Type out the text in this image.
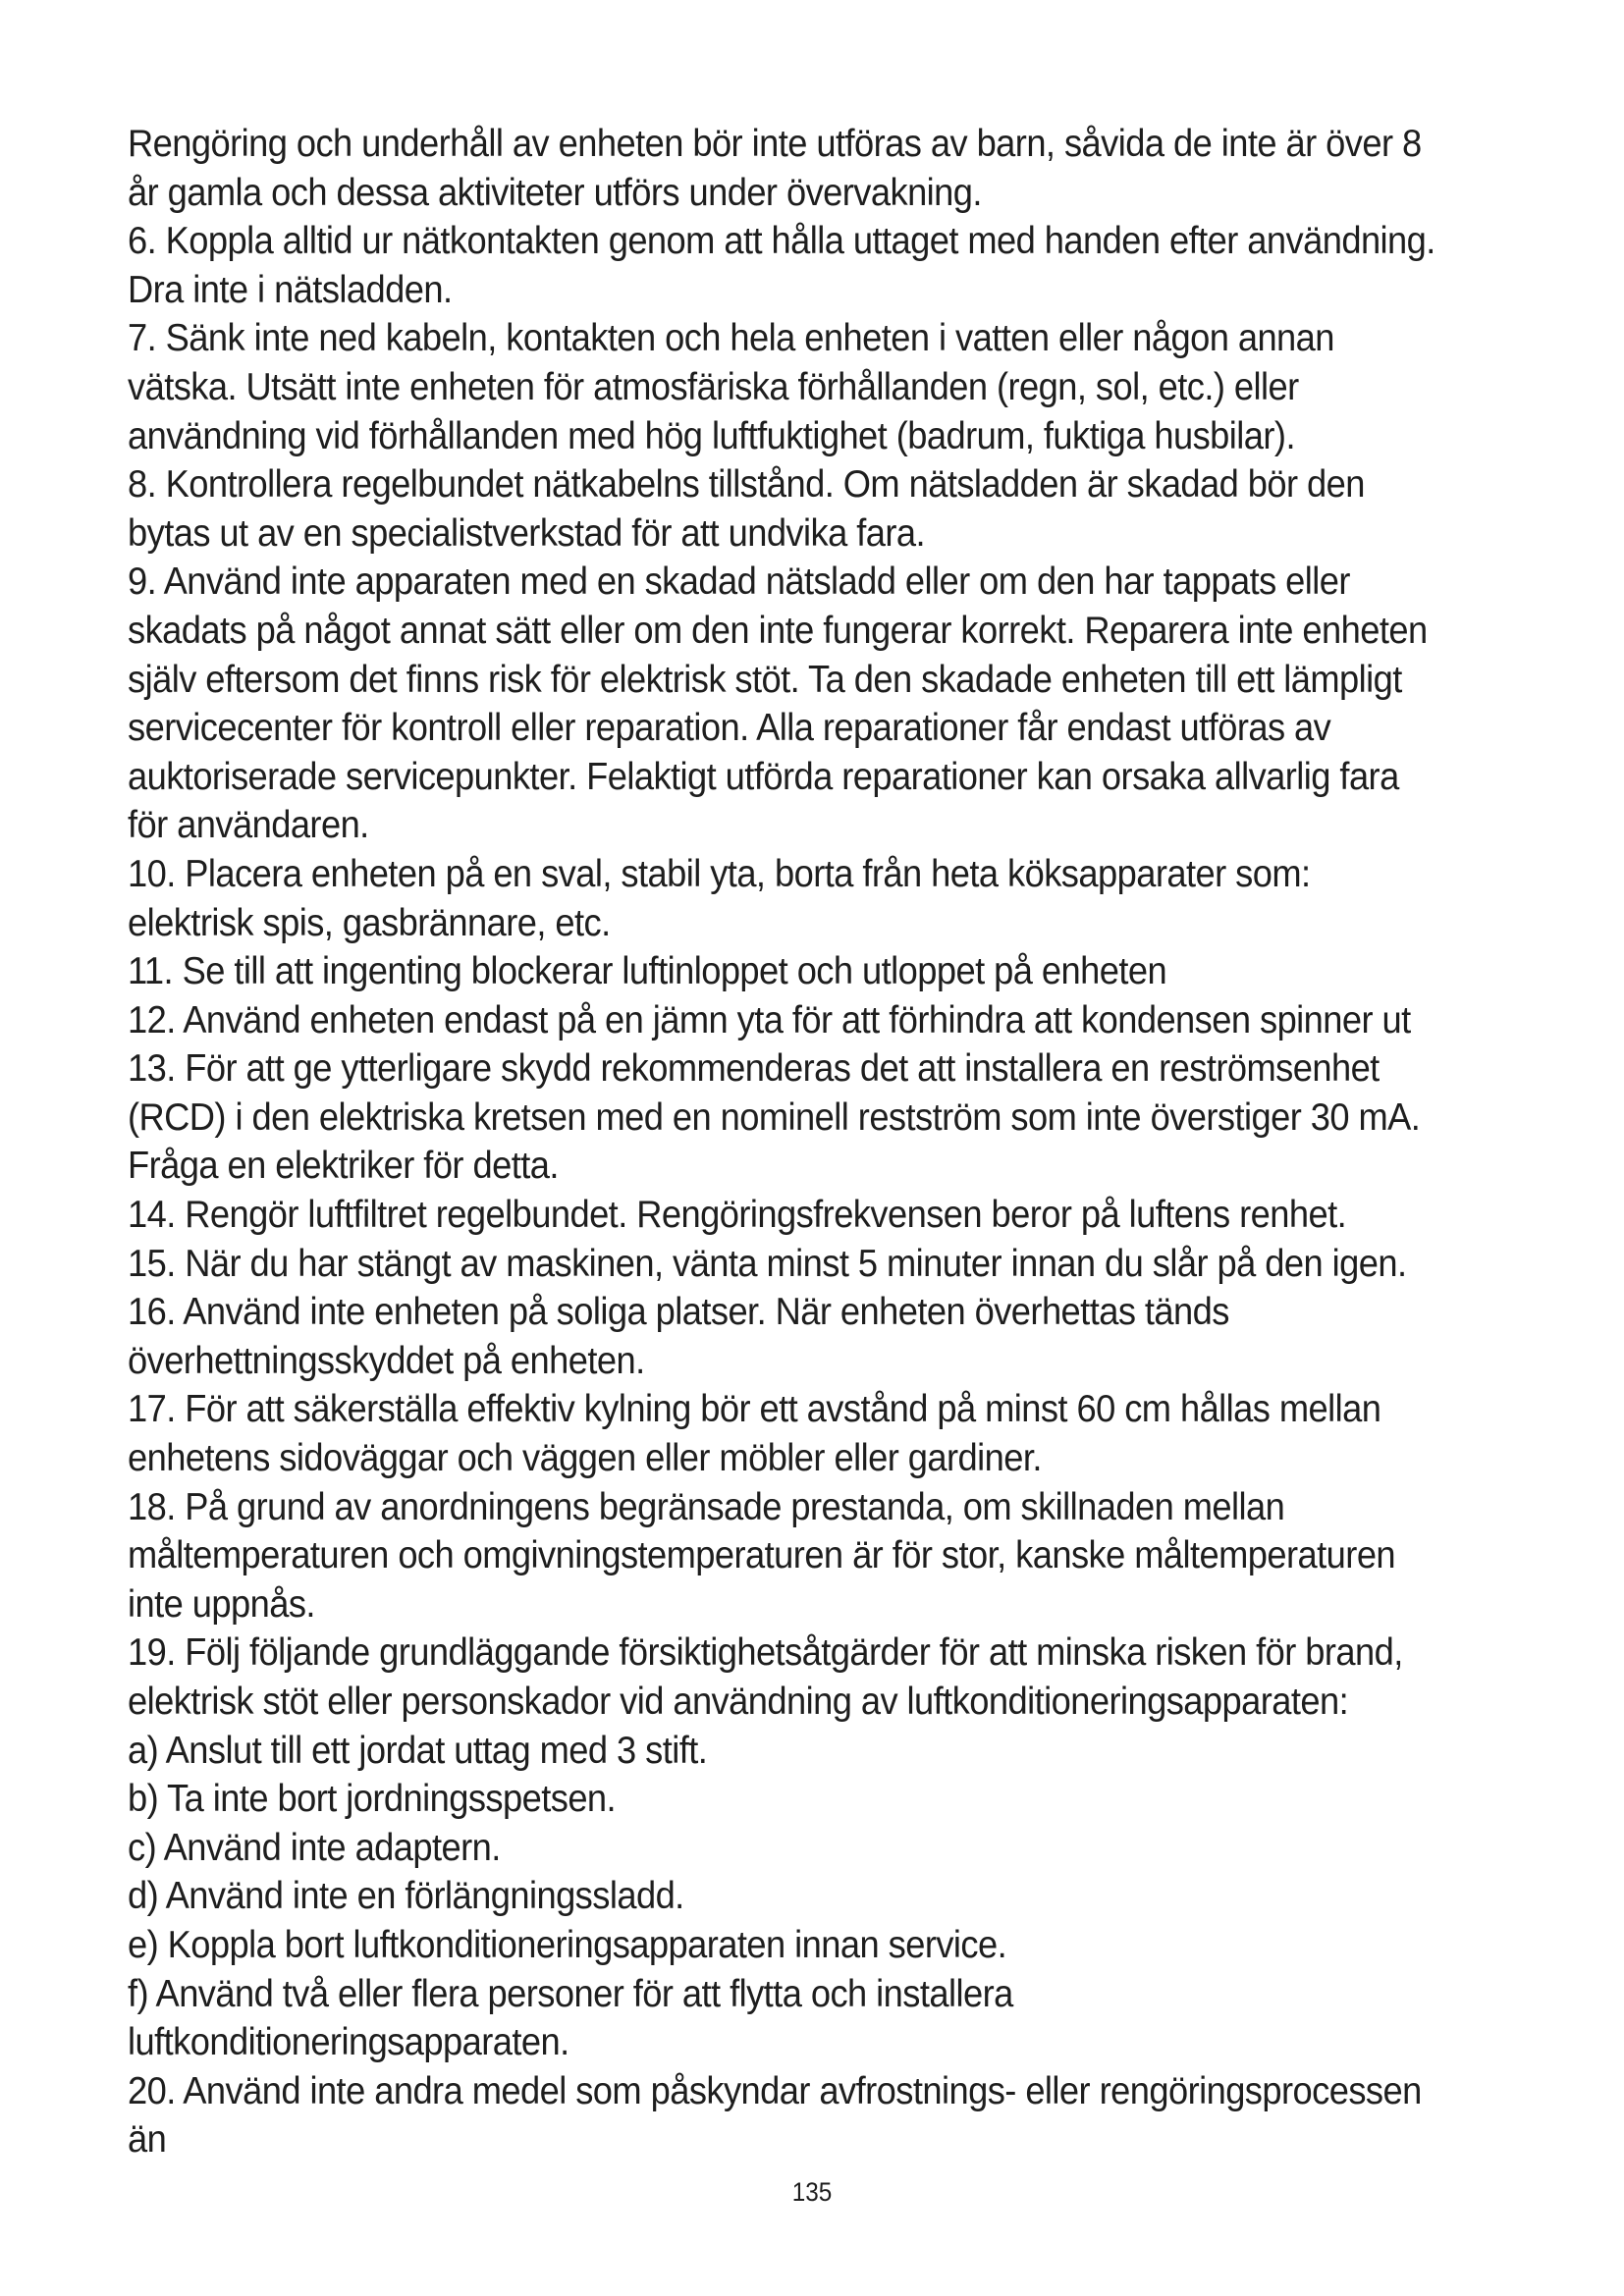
Rengöring och underhåll av enheten bör inte utföras av barn, såvida de inte är över 8 år gamla och dessa aktiviteter utförs under övervakning.

6. Koppla alltid ur nätkontakten genom att hålla uttaget med handen efter användning. Dra inte i nätsladden.

7. Sänk inte ned kabeln, kontakten och hela enheten i vatten eller någon annan vätska. Utsätt inte enheten för atmosfäriska förhållanden (regn, sol, etc.) eller användning vid förhållanden med hög luftfuktighet (badrum, fuktiga husbilar).

8. Kontrollera regelbundet nätkabelns tillstånd. Om nätsladden är skadad bör den bytas ut av en specialistverkstad för att undvika fara.

9. Använd inte apparaten med en skadad nätsladd eller om den har tappats eller skadats på något annat sätt eller om den inte fungerar korrekt. Reparera inte enheten själv eftersom det finns risk för elektrisk stöt. Ta den skadade enheten till ett lämpligt servicecenter för kontroll eller reparation. Alla reparationer får endast utföras av auktoriserade servicepunkter. Felaktigt utförda reparationer kan orsaka allvarlig fara för användaren.

10. Placera enheten på en sval, stabil yta, borta från heta köksapparater som: elektrisk spis, gasbrännare, etc.

11. Se till att ingenting blockerar luftinloppet och utloppet på enheten

12. Använd enheten endast på en jämn yta för att förhindra att kondensen spinner ut

13. För att ge ytterligare skydd rekommenderas det att installera en reströmsenhet (RCD) i den elektriska kretsen med en nominell restström som inte överstiger 30 mA. Fråga en elektriker för detta.

14. Rengör luftfiltret regelbundet. Rengöringsfrekvensen beror på luftens renhet.

15. När du har stängt av maskinen, vänta minst 5 minuter innan du slår på den igen.

16. Använd inte enheten på soliga platser. När enheten överhettas tänds överhettningsskyddet på enheten.

17. För att säkerställa effektiv kylning bör ett avstånd på minst 60 cm hållas mellan enhetens sidoväggar och väggen eller möbler eller gardiner.

18. På grund av anordningens begränsade prestanda, om skillnaden mellan måltemperaturen och omgivningstemperaturen är för stor, kanske måltemperaturen inte uppnås.

19. Följ följande grundläggande försiktighetsåtgärder för att minska risken för brand, elektrisk stöt eller personskador vid användning av luftkonditioneringsapparaten:

a) Anslut till ett jordat uttag med 3 stift.

b) Ta inte bort jordningsspetsen.

c) Använd inte adaptern.

d) Använd inte en förlängningssladd.

e) Koppla bort luftkonditioneringsapparaten innan service.

f) Använd två eller flera personer för att flytta och installera luftkonditioneringsapparaten.

20. Använd inte andra medel som påskyndar avfrostnings- eller rengöringsprocessen än

135
